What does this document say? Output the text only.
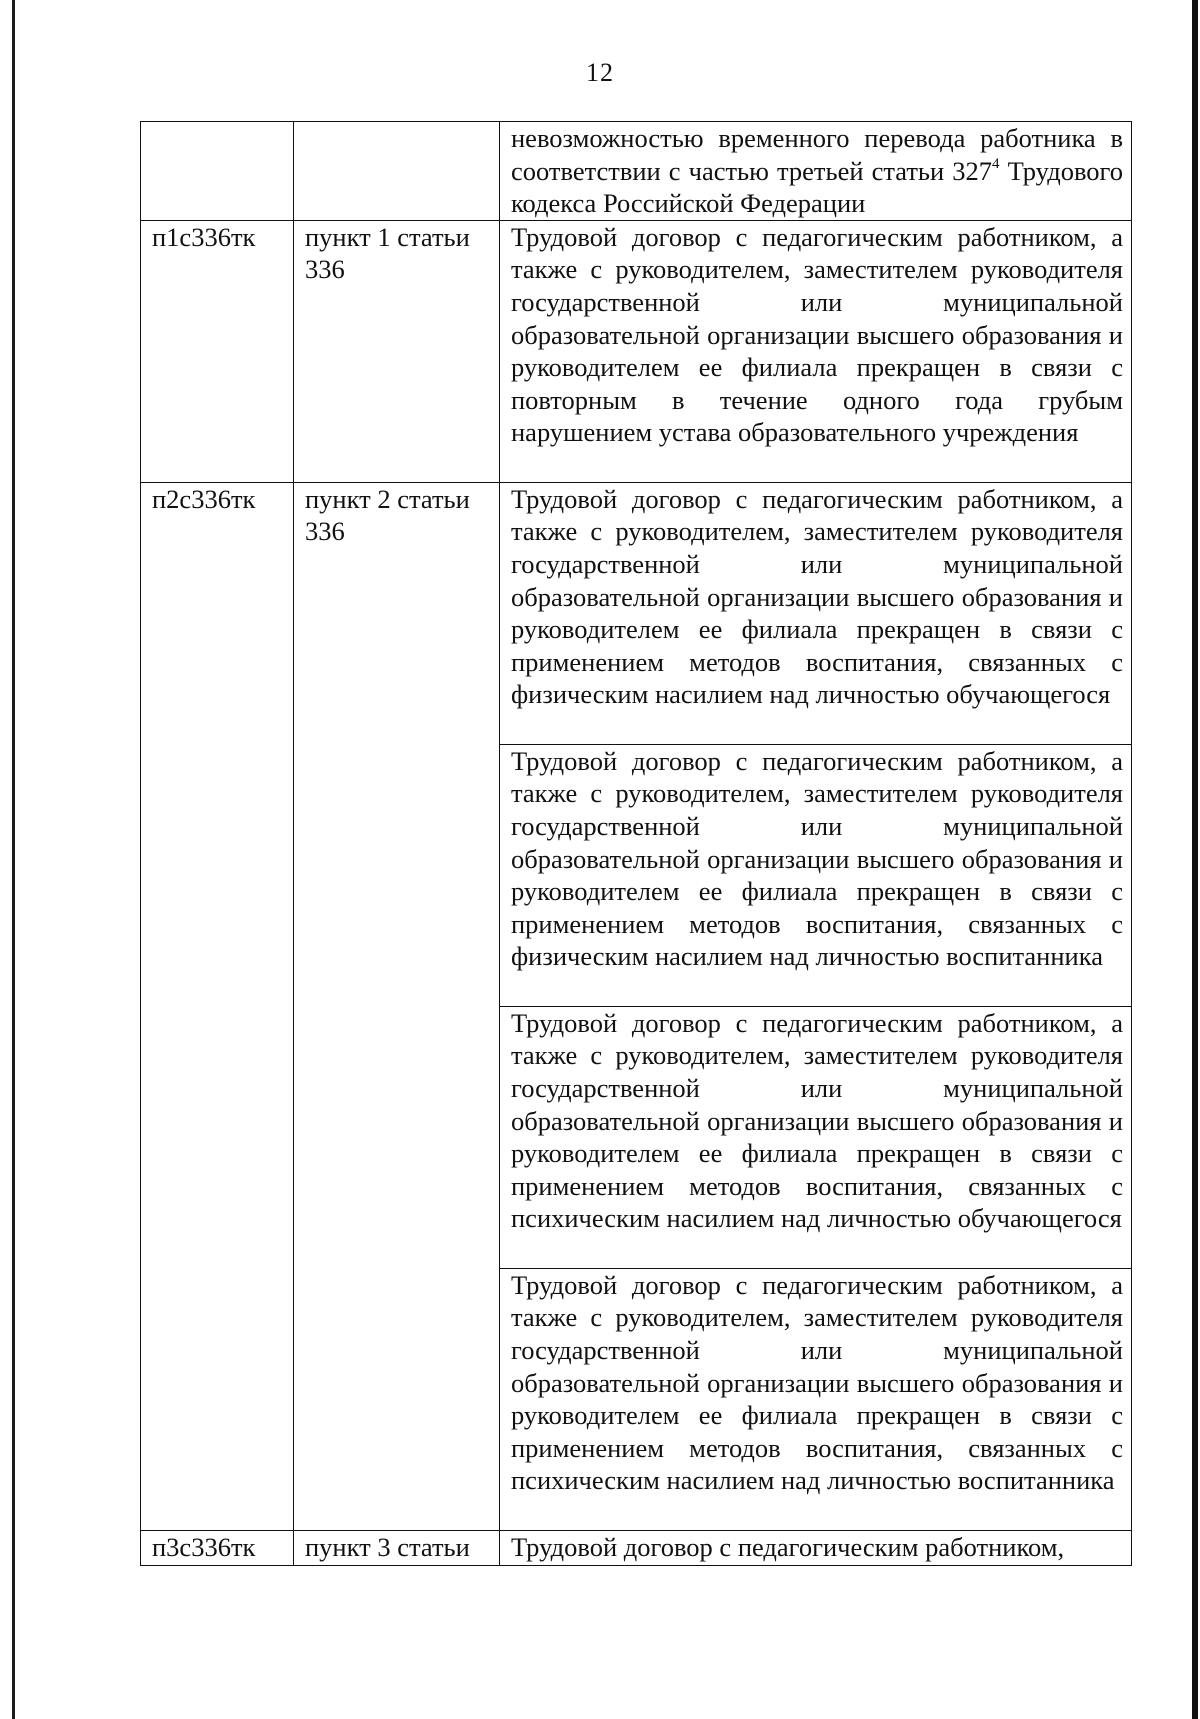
12
		невозможностью временного перевода работника в соответствии с частью третьей статьи $327^4$ Трудового кодекса Российской Федерации
п1с336тк	пункт 1 статьи 336	Трудовой договор с педагогическим работником, а также с руководителем, заместителем руководителя государственной или муниципальной образовательной организации высшего образования и руководителем ее филиала прекращен в связи с повторным в течение одного года грубым нарушением устава образовательного учреждения
п2с336тк	пункт 2 статьи 336	Трудовой договор с педагогическим работником, а также с руководителем, заместителем руководителя государственной или муниципальной образовательной организации высшего образования и руководителем ее филиала прекращен в связи с применением методов воспитания, связанных с физическим насилием над личностью обучающегося
		Трудовой договор с педагогическим работником, а также с руководителем, заместителем руководителя государственной или муниципальной образовательной организации высшего образования и руководителем ее филиала прекращен в связи с применением методов воспитания, связанных с физическим насилием над личностью воспитанника
		Трудовой договор с педагогическим работником, а также с руководителем, заместителем руководителя государственной или муниципальной образовательной организации высшего образования и руководителем ее филиала прекращен в связи с применением методов воспитания, связанных с психическим насилием над личностью обучающегося
		Трудовой договор с педагогическим работником, а также с руководителем, заместителем руководителя государственной или муниципальной образовательной организации высшего образования и руководителем ее филиала прекращен в связи с применением методов воспитания, связанных с психическим насилием над личностью воспитанника
п3с336тк	пункт 3 статьи	Трудовой договор с педагогическим работником,
